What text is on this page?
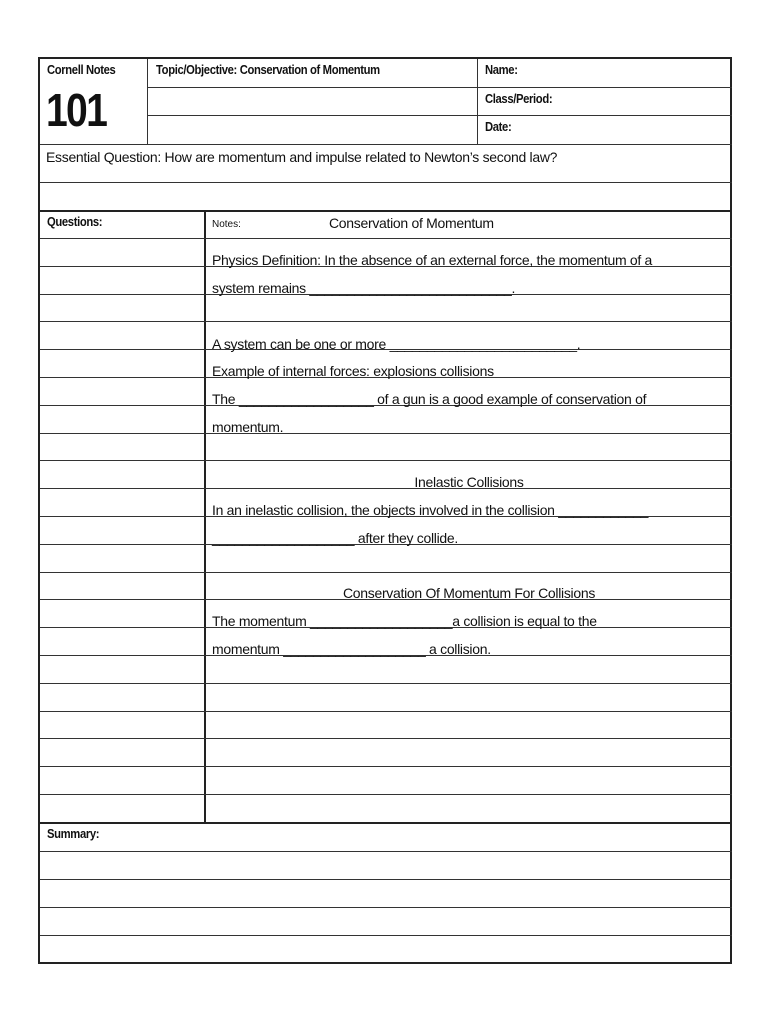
Cornell Notes
101
Topic/Objective: Conservation of Momentum	Name:
Class/Period:
Date:
Essential Question: How are momentum and impulse related to Newton’s second law?
Questions:	Notes:	Conservation of Momentum
Physics Definition: In the absence of an external force, the momentum of a
system remains ___________________________.
A system can be one or more _________________________.
Example of internal forces: explosions collisions
The __________________ of a gun is a good example of conservation of
momentum.
Inelastic Collisions
In an inelastic collision, the objects involved in the collision ____________
___________________ after they collide.
Conservation Of Momentum For Collisions
The momentum ___________________a collision is equal to the
momentum ___________________ a collision.
Summary:
